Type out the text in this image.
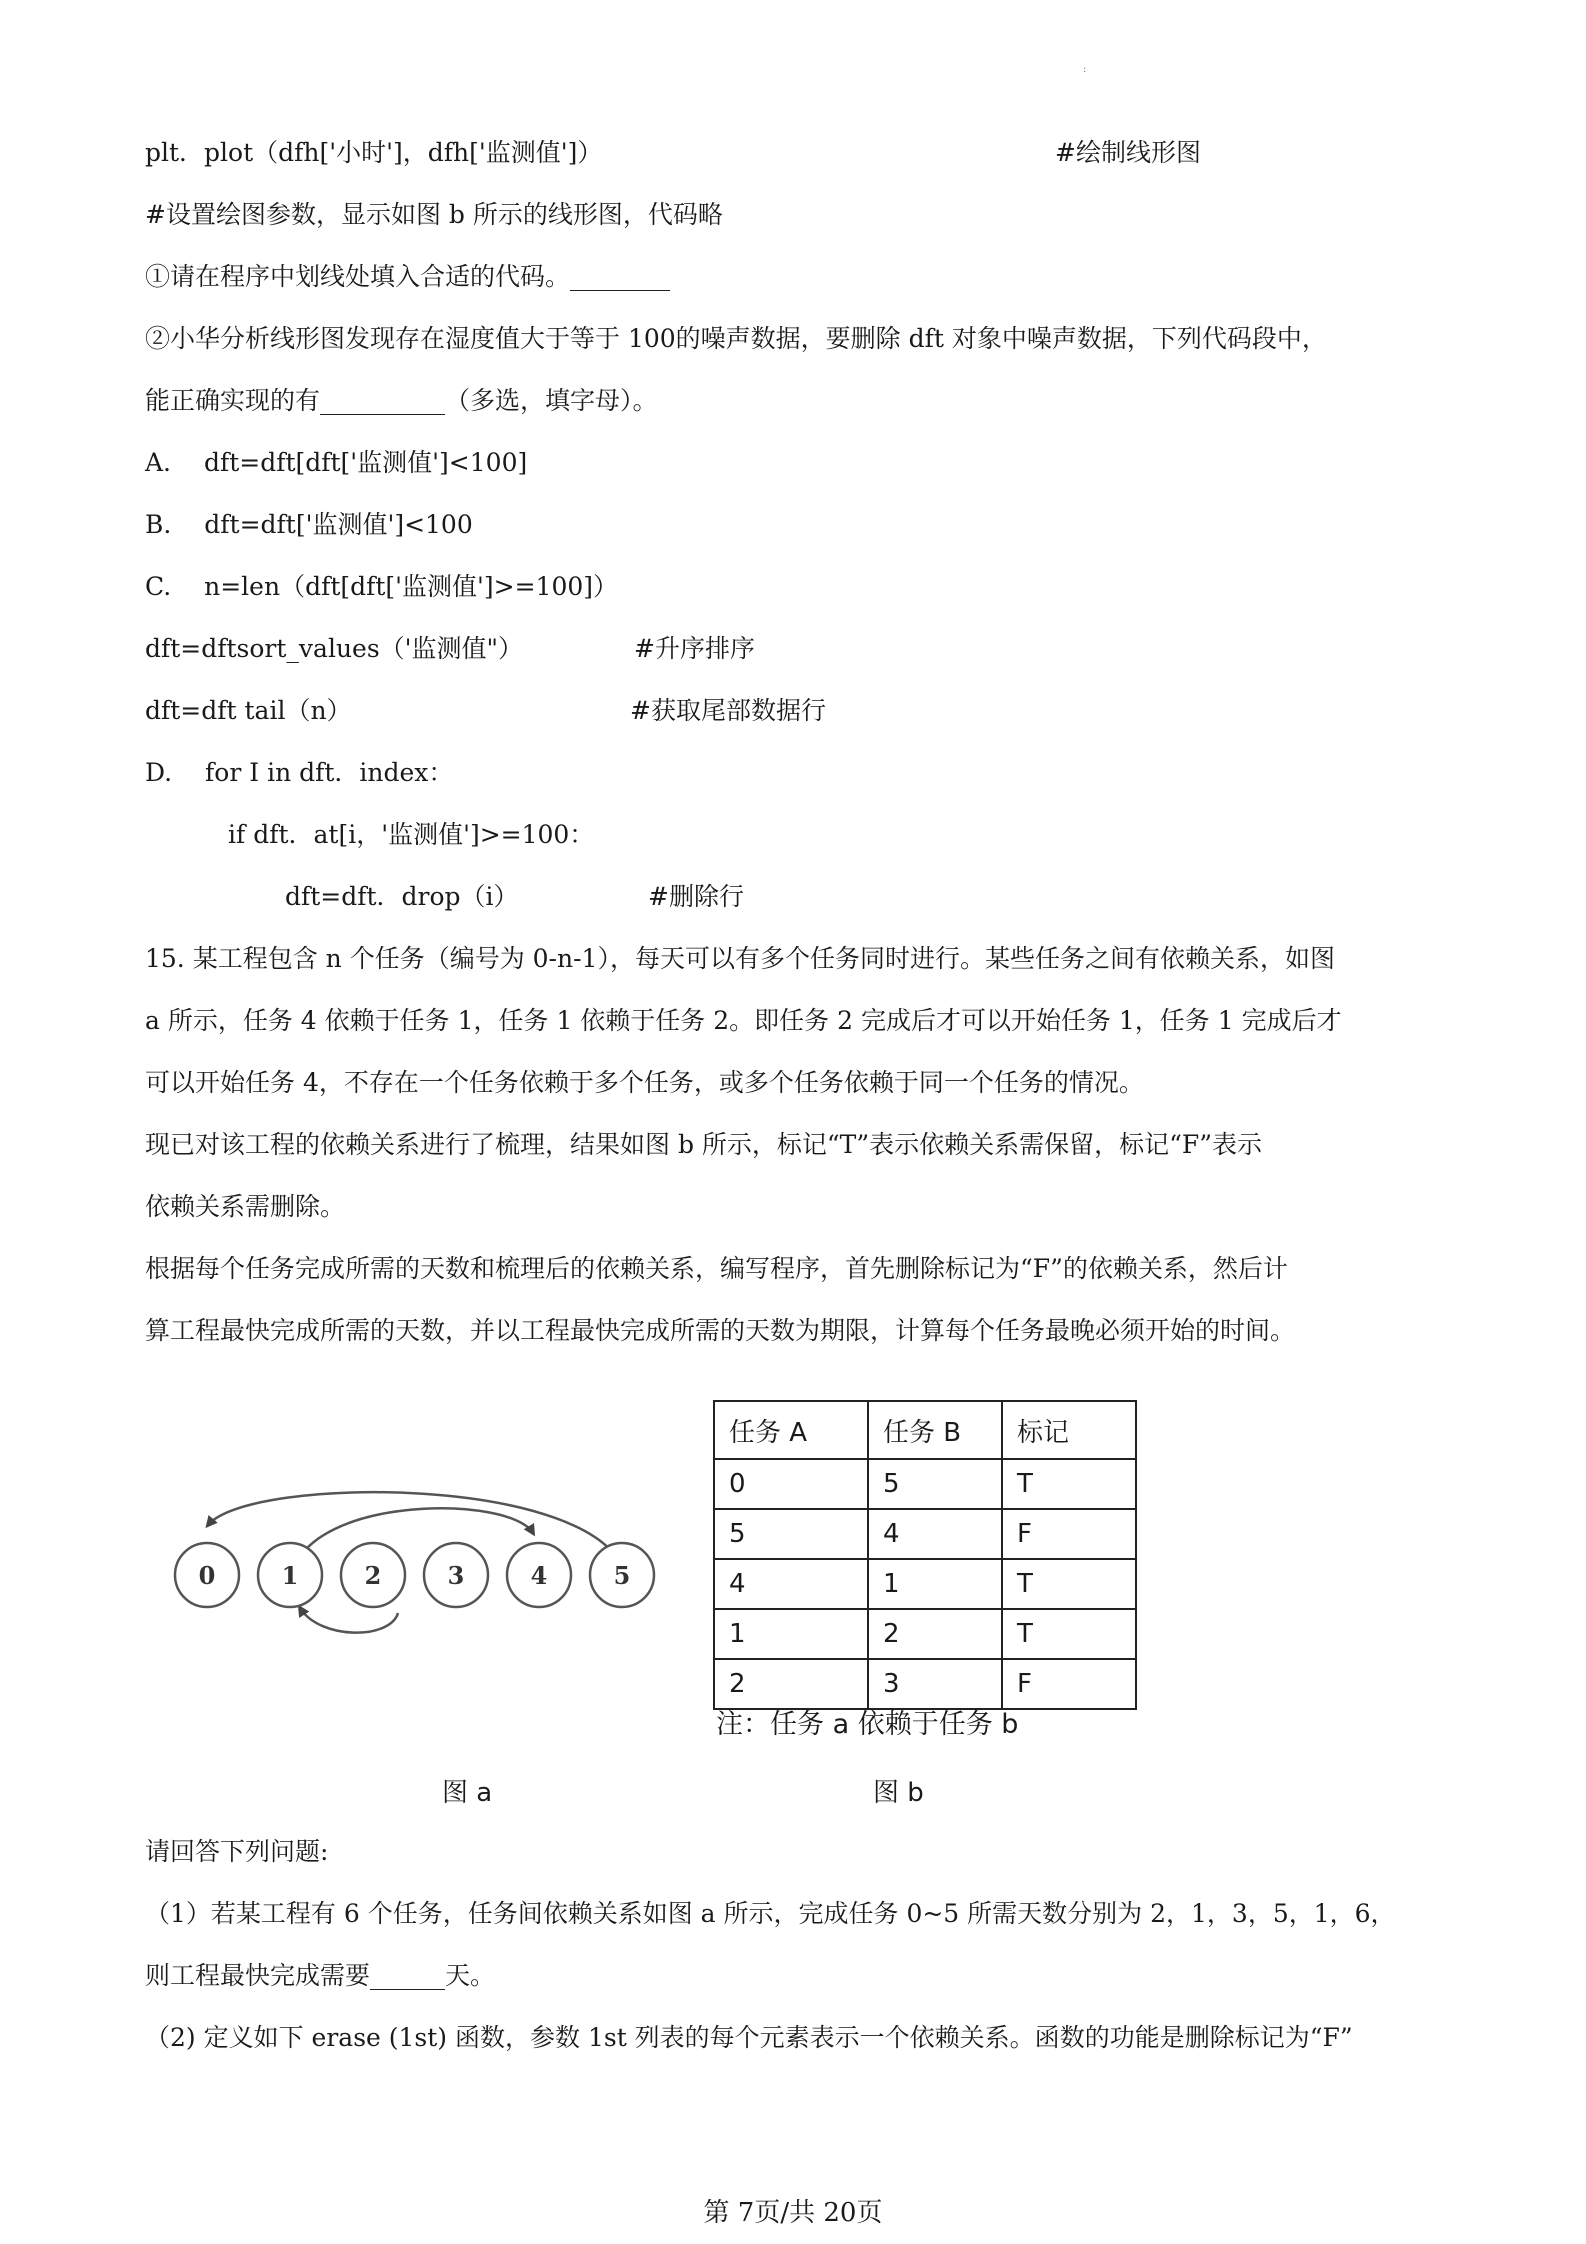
:
plt．plot（dfh['小时']，dfh['监测值']）	#绘制线形图
#设置绘图参数，显示如图 b 所示的线形图，代码略
①请在程序中划线处填入合适的代码。________
②小华分析线形图发现存在湿度值大于等于 100的噪声数据，要删除 dft 对象中噪声数据，下列代码段中，
能正确实现的有__________（多选，填字母）。
A.　 dft=dft[dft['监测值']<100]
B.　 dft=dft['监测值']<100
C.　 n=len（dft[dft['监测值']>=100]）
dft=dftsort_values（'监测值"）	#升序排序
dft=dft tail（n）	#获取尾部数据行
D.　 for I in dft．index：
if dft．at[i，'监测值']>=100：
dft=dft．drop（i）	#删除行
15. 某工程包含 n 个任务（编号为 0-n-1），每天可以有多个任务同时进行。某些任务之间有依赖关系，如图
a 所示，任务 4 依赖于任务 1，任务 1 依赖于任务 2。即任务 2 完成后才可以开始任务 1，任务 1 完成后才
可以开始任务 4，不存在一个任务依赖于多个任务，或多个任务依赖于同一个任务的情况。
现已对该工程的依赖关系进行了梳理，结果如图 b 所示，标记“T”表示依赖关系需保留，标记“F”表示
依赖关系需删除。
根据每个任务完成所需的天数和梳理后的依赖关系，编写程序，首先删除标记为“F”的依赖关系，然后计
算工程最快完成所需的天数，并以工程最快完成所需的天数为期限，计算每个任务最晚必须开始的时间。
0	1	2	3	4	5
任务 A	任务 B	标记
0	5	T
5	4	F
4	1	T
1	2	T
2	3	F
注：任务 a 依赖于任务 b
图 a	图 b
请回答下列问题:
（1）若某工程有 6 个任务，任务间依赖关系如图 a 所示，完成任务 0~5 所需天数分别为 2，1，3，5，1，6，
则工程最快完成需要______天。
（2) 定义如下 erase (1st) 函数，参数 1st 列表的每个元素表示一个依赖关系。函数的功能是删除标记为“F”
第 7页/共 20页
